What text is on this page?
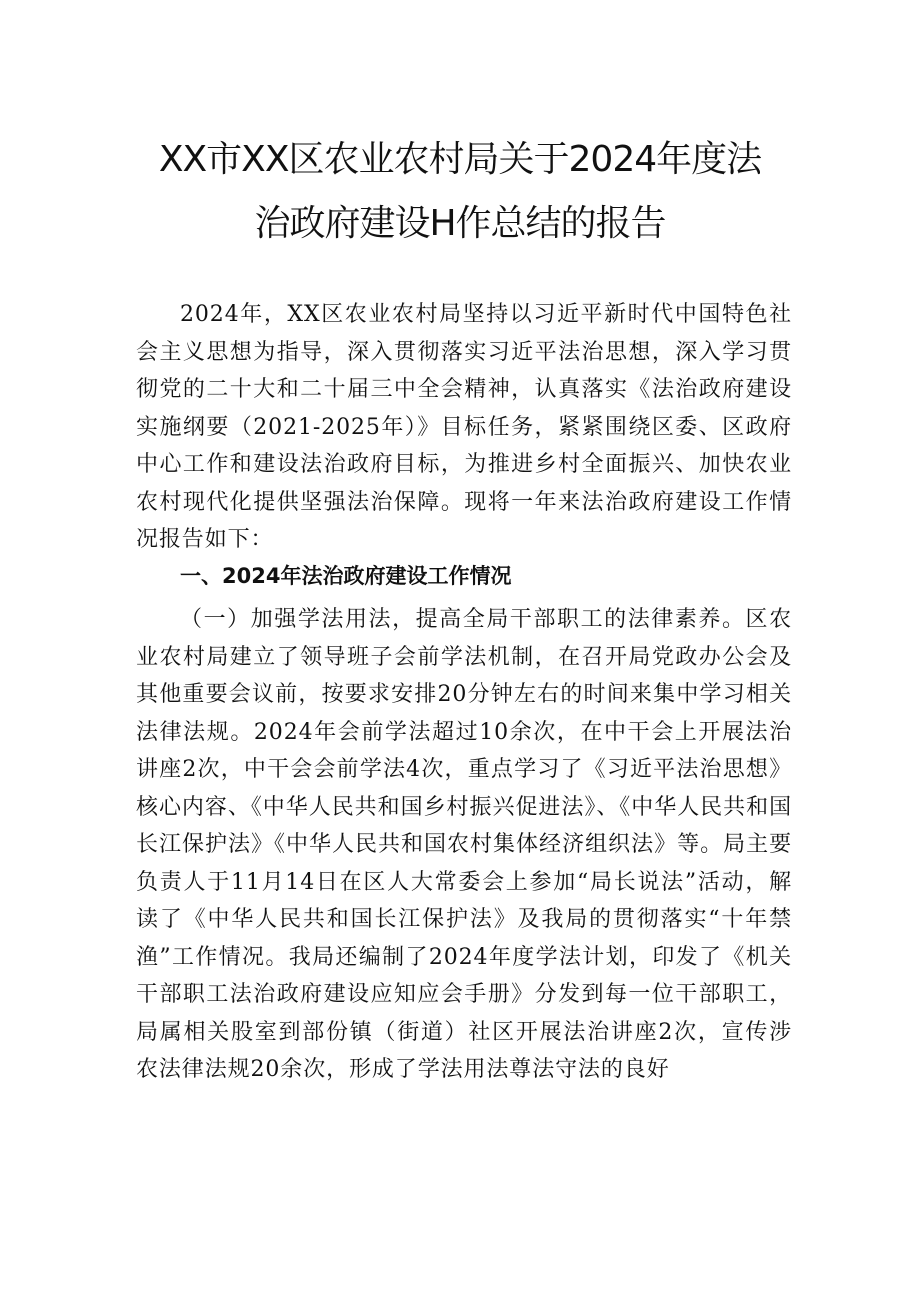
XX市XX区农业农村局关于2024年度法
治政府建设H作总结的报告

2024年，XX区农业农村局坚持以习近平新时代中国特色社会主义思想为指导，深入贯彻落实习近平法治思想，深入学习贯彻党的二十大和二十届三中全会精神，认真落实《法治政府建设实施纲要（2021-2025年）》目标任务，紧紧围绕区委、区政府中心工作和建设法治政府目标，为推进乡村全面振兴、加快农业农村现代化提供坚强法治保障。现将一年来法治政府建设工作情况报告如下：

一、2024年法治政府建设工作情况

（一）加强学法用法，提高全局干部职工的法律素养。区农业农村局建立了领导班子会前学法机制，在召开局党政办公会及其他重要会议前，按要求安排20分钟左右的时间来集中学习相关法律法规。2024年会前学法超过10余次，在中干会上开展法治讲座2次，中干会会前学法4次，重点学习了《习近平法治思想》核心内容、《中华人民共和国乡村振兴促进法》、《中华人民共和国长江保护法》《中华人民共和国农村集体经济组织法》等。局主要负责人于11月14日在区人大常委会上参加“局长说法”活动，解读了《中华人民共和国长江保护法》及我局的贯彻落实“十年禁渔”工作情况。我局还编制了2024年度学法计划，印发了《机关干部职工法治政府建设应知应会手册》分发到每一位干部职工，局属相关股室到部份镇（街道）社区开展法治讲座2次，宣传涉农法律法规20余次，形成了学法用法尊法守法的良好
